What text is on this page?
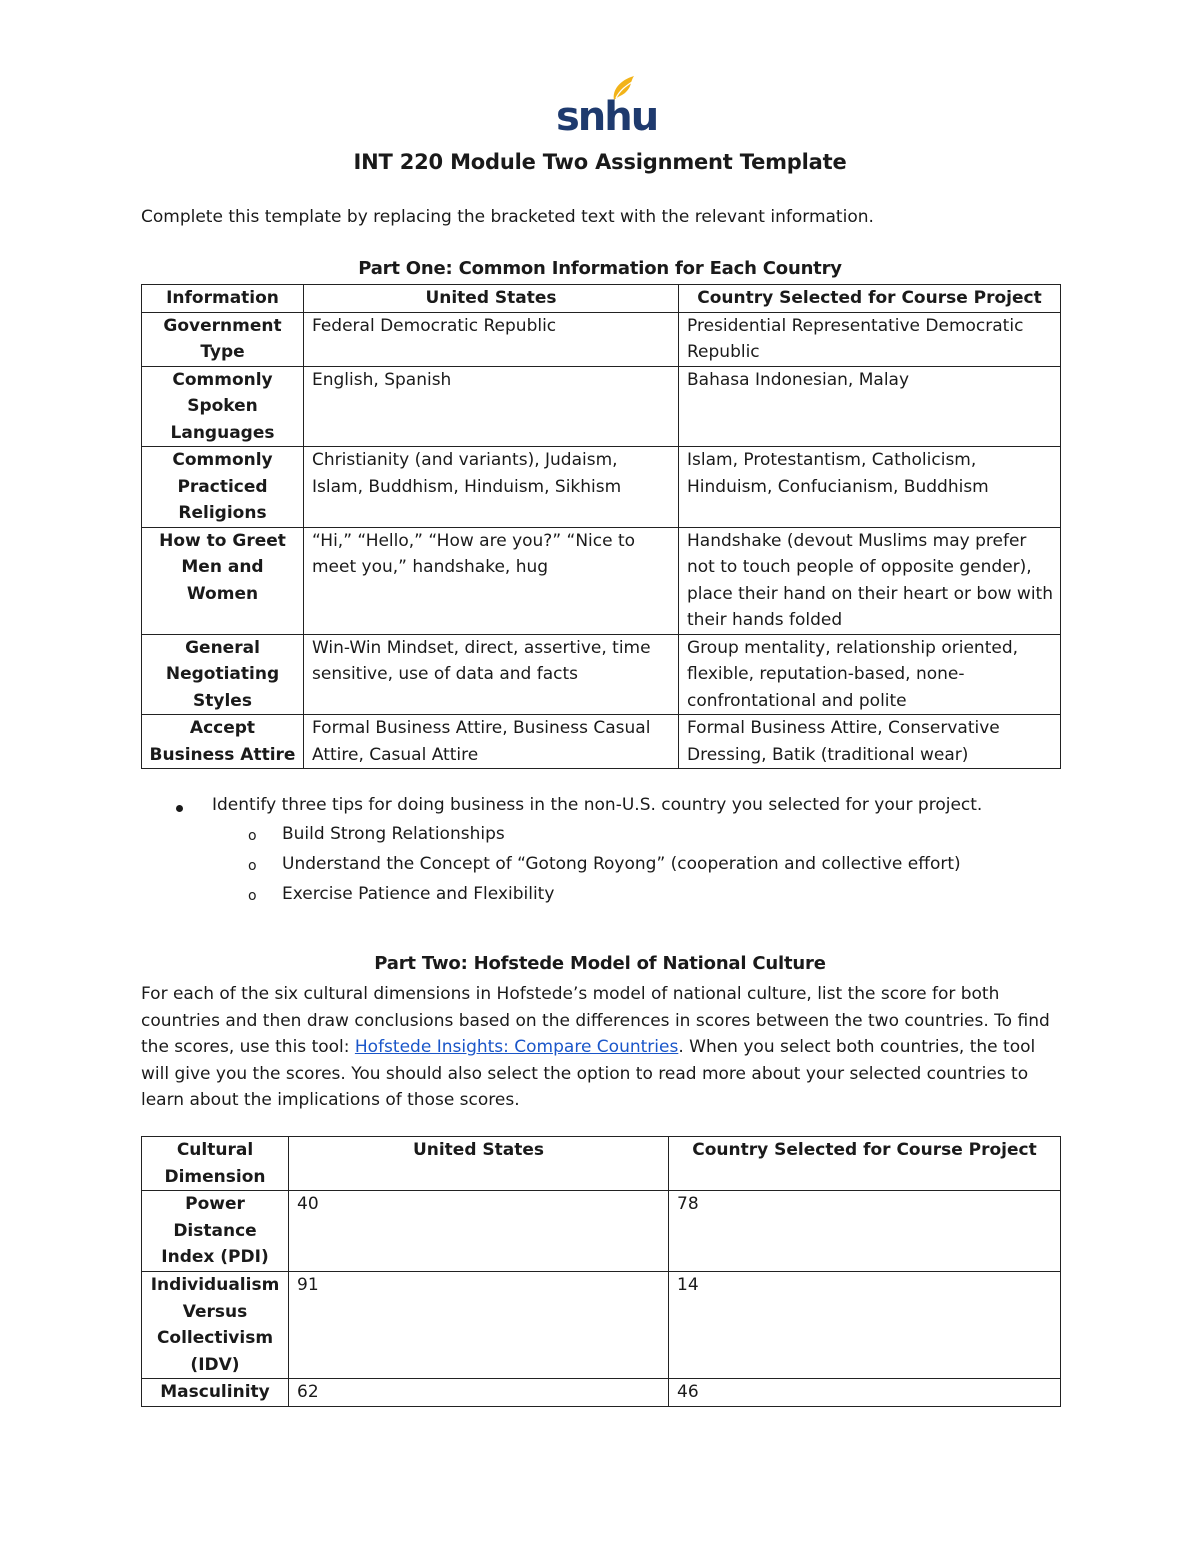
snhu
INT 220 Module Two Assignment Template
Complete this template by replacing the bracketed text with the relevant information.
Part One: Common Information for Each Country
Information	United States	Country Selected for Course Project
Government Type	Federal Democratic Republic	Presidential Representative Democratic Republic
Commonly Spoken Languages	English, Spanish	Bahasa Indonesian, Malay
Commonly Practiced Religions	Christianity (and variants), Judaism, Islam, Buddhism, Hinduism, Sikhism	Islam, Protestantism, Catholicism, Hinduism, Confucianism, Buddhism
How to Greet Men and Women	“Hi,” “Hello,” “How are you?” “Nice to meet you,” handshake, hug	Handshake (devout Muslims may prefer not to touch people of opposite gender), place their hand on their heart or bow with their hands folded
General Negotiating Styles	Win-Win Mindset, direct, assertive, time sensitive, use of data and facts	Group mentality, relationship oriented, flexible, reputation-based, none-confrontational and polite
Accept Business Attire	Formal Business Attire, Business Casual Attire, Casual Attire	Formal Business Attire, Conservative Dressing, Batik (traditional wear)
Identify three tips for doing business in the non-U.S. country you selected for your project.
o Build Strong Relationships
o Understand the Concept of “Gotong Royong” (cooperation and collective effort)
o Exercise Patience and Flexibility
Part Two: Hofstede Model of National Culture
For each of the six cultural dimensions in Hofstede’s model of national culture, list the score for both countries and then draw conclusions based on the differences in scores between the two countries. To find the scores, use this tool: Hofstede Insights: Compare Countries. When you select both countries, the tool will give you the scores. You should also select the option to read more about your selected countries to learn about the implications of those scores.
Cultural Dimension	United States	Country Selected for Course Project
Power Distance Index (PDI)	40	78
Individualism Versus Collectivism (IDV)	91	14
Masculinity	62	46
